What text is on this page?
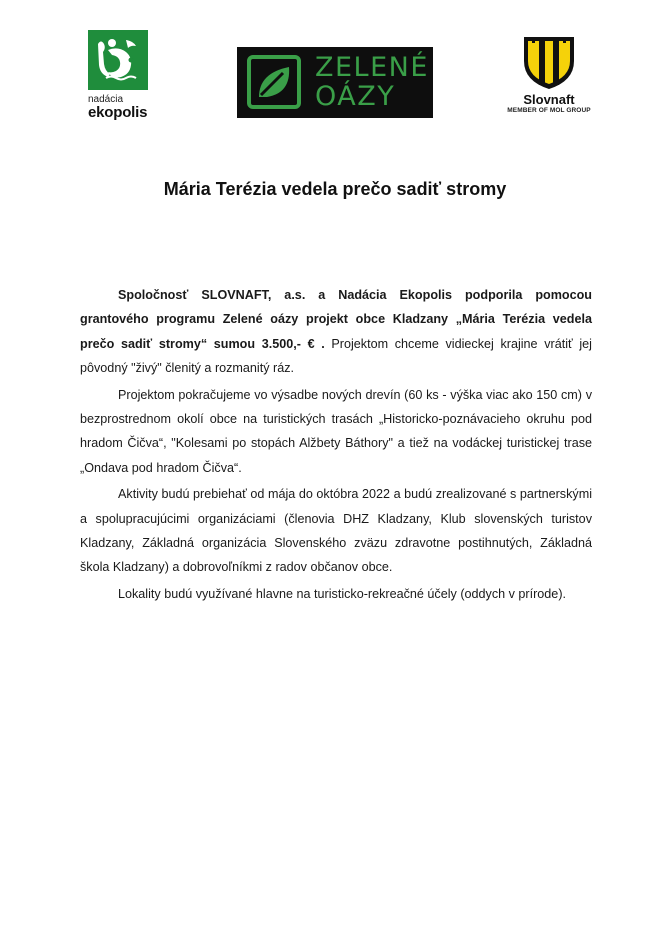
nadácia
ekopolis
ZELENÉ
OÁZY	Slovnaft
MEMBER OF MOL GROUP
Mária Terézia vedela prečo sadiť stromy

Spoločnosť SLOVNAFT, a.s. a Nadácia Ekopolis podporila pomocou grantového programu Zelené oázy projekt obce Kladzany „Mária Terézia vedela prečo sadiť stromy“ sumou 3.500,- € . Projektom chceme vidieckej krajine vrátiť jej pôvodný "živý" členitý a rozmanitý ráz.

Projektom pokračujeme vo výsadbe nových drevín (60 ks - výška viac ako 150 cm) v bezprostrednom okolí obce na turistických trasách „Historicko-poznávacieho okruhu pod hradom Čičva“, "Kolesami po stopách Alžbety Báthory" a tiež na vodáckej turistickej trase „Ondava pod hradom Čičva“.

Aktivity budú prebiehať od mája do októbra 2022 a budú zrealizované s partnerskými a spolupracujúcimi organizáciami (členovia DHZ Kladzany, Klub slovenských turistov Kladzany, Základná organizácia Slovenského zväzu zdravotne postihnutých, Základná škola Kladzany) a dobrovoľníkmi z radov občanov obce.

Lokality budú využívané hlavne na turisticko-rekreačné účely (oddych v prírode).
